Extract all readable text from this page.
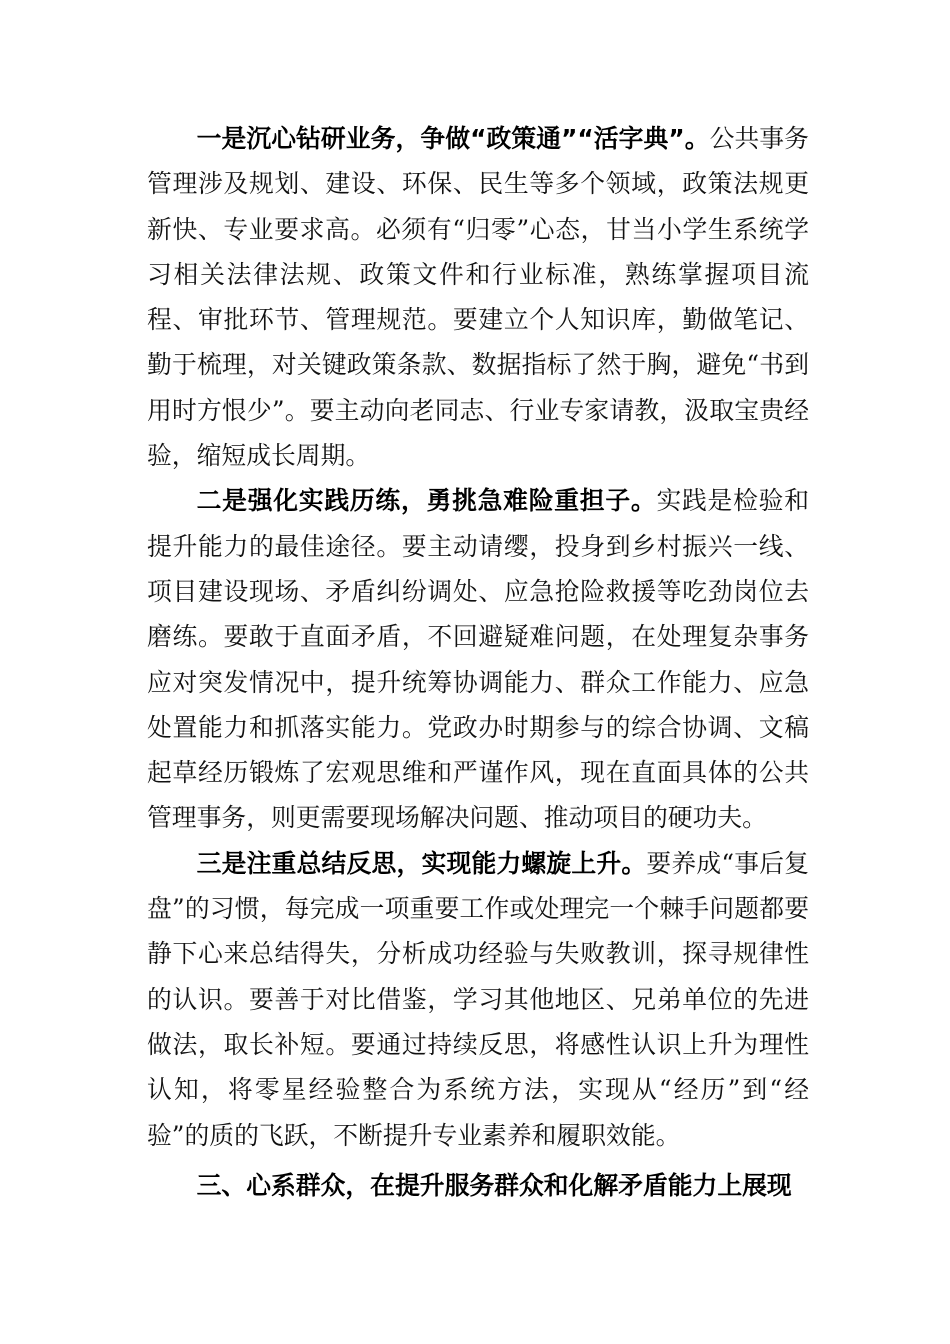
一是沉心钻研业务，争做“政策通”“活字典”。公共事务管理涉及规划、建设、环保、民生等多个领域，政策法规更新快、专业要求高。必须有“归零”心态，甘当小学生系统学习相关法律法规、政策文件和行业标准，熟练掌握项目流程、审批环节、管理规范。要建立个人知识库，勤做笔记、勤于梳理，对关键政策条款、数据指标了然于胸，避免“书到用时方恨少”。要主动向老同志、行业专家请教，汲取宝贵经验，缩短成长周期。

二是强化实践历练，勇挑急难险重担子。实践是检验和提升能力的最佳途径。要主动请缨，投身到乡村振兴一线、项目建设现场、矛盾纠纷调处、应急抢险救援等吃劲岗位去磨练。要敢于直面矛盾，不回避疑难问题，在处理复杂事务应对突发情况中，提升统筹协调能力、群众工作能力、应急处置能力和抓落实能力。党政办时期参与的综合协调、文稿起草经历锻炼了宏观思维和严谨作风，现在直面具体的公共管理事务，则更需要现场解决问题、推动项目的硬功夫。

三是注重总结反思，实现能力螺旋上升。要养成“事后复盘”的习惯，每完成一项重要工作或处理完一个棘手问题都要静下心来总结得失，分析成功经验与失败教训，探寻规律性的认识。要善于对比借鉴，学习其他地区、兄弟单位的先进做法，取长补短。要通过持续反思，将感性认识上升为理性认知，将零星经验整合为系统方法，实现从“经历”到“经验”的质的飞跃，不断提升专业素养和履职效能。

三、心系群众，在提升服务群众和化解矛盾能力上展现
